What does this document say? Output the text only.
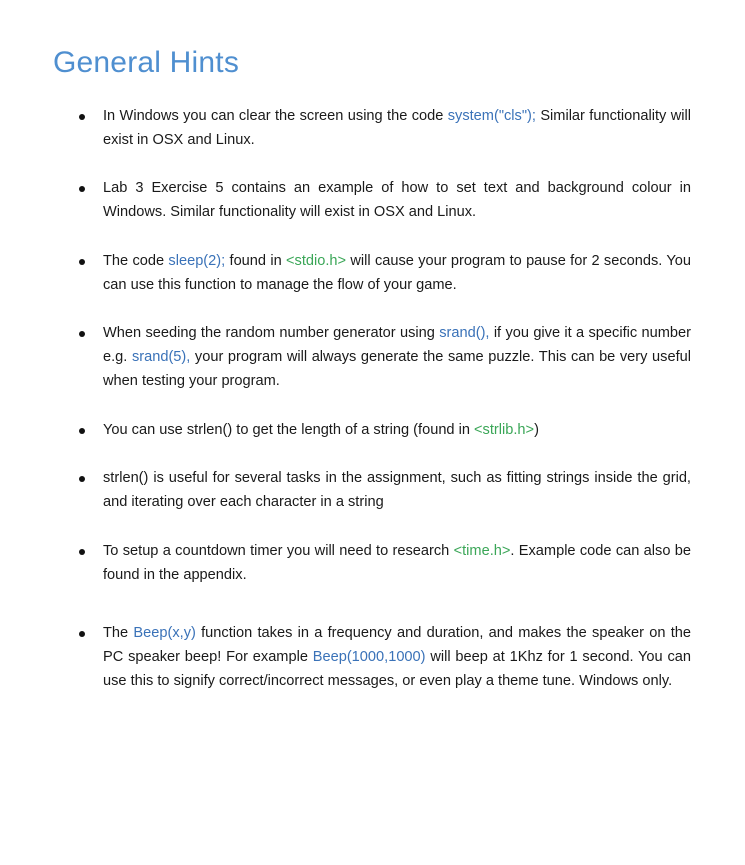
General Hints
In Windows you can clear the screen using the code system("cls"); Similar functionality will exist in OSX and Linux.
Lab 3 Exercise 5 contains an example of how to set text and background colour in Windows. Similar functionality will exist in OSX and Linux.
The code sleep(2); found in <stdio.h> will cause your program to pause for 2 seconds. You can use this function to manage the flow of your game.
When seeding the random number generator using srand(), if you give it a specific number e.g. srand(5), your program will always generate the same puzzle. This can be very useful when testing your program.
You can use strlen() to get the length of a string (found in <strlib.h>)
strlen() is useful for several tasks in the assignment, such as fitting strings inside the grid, and iterating over each character in a string
To setup a countdown timer you will need to research <time.h>. Example code can also be found in the appendix.
The Beep(x,y) function takes in a frequency and duration, and makes the speaker on the PC speaker beep! For example Beep(1000,1000) will beep at 1Khz for 1 second. You can use this to signify correct/incorrect messages, or even play a theme tune. Windows only.
